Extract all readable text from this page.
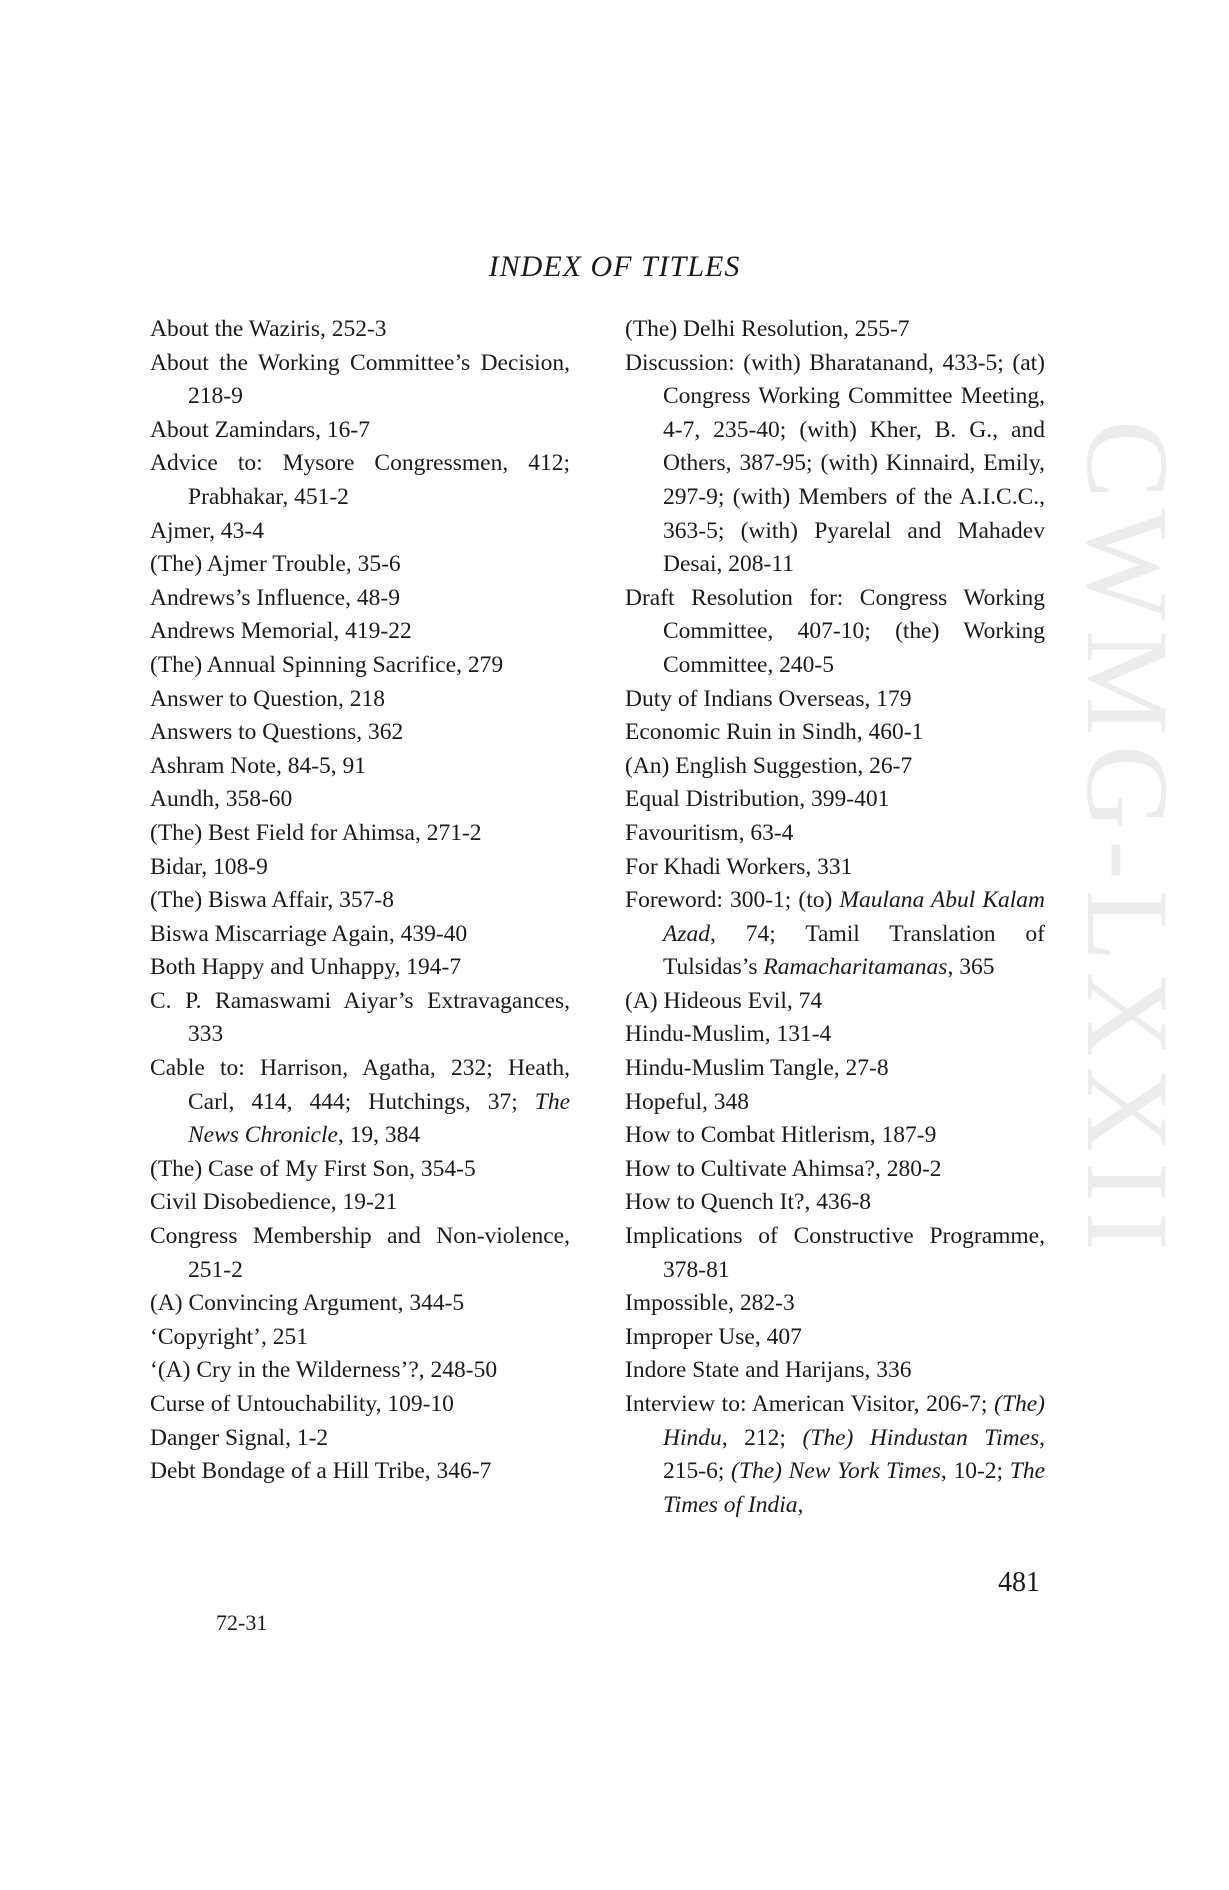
CWMG-LXXII
INDEX OF TITLES

About the Waziris, 252-3

About the Working Committee’s Decision, 218-9

About Zamindars, 16-7

Advice to: Mysore Congressmen, 412; Prabhakar, 451-2

Ajmer, 43-4

(The) Ajmer Trouble, 35-6

Andrews’s Influence, 48-9

Andrews Memorial, 419-22

(The) Annual Spinning Sacrifice, 279

Answer to Question, 218

Answers to Questions, 362

Ashram Note, 84-5, 91

Aundh, 358-60

(The) Best Field for Ahimsa, 271-2

Bidar, 108-9

(The) Biswa Affair, 357-8

Biswa Miscarriage Again, 439-40

Both Happy and Unhappy, 194-7

C. P. Ramaswami Aiyar’s Extravagances, 333

Cable to: Harrison, Agatha, 232; Heath, Carl, 414, 444; Hutchings, 37; The News Chronicle, 19, 384

(The) Case of My First Son, 354-5

Civil Disobedience, 19-21

Congress Membership and Non-violence, 251-2

(A) Convincing Argument, 344-5

‘Copyright’, 251

‘(A) Cry in the Wilderness’?, 248-50

Curse of Untouchability, 109-10

Danger Signal, 1-2

Debt Bondage of a Hill Tribe, 346-7

(The) Delhi Resolution, 255-7

Discussion: (with) Bharatanand, 433-5; (at) Congress Working Committee Meeting, 4-7, 235-40; (with) Kher, B. G., and Others, 387-95; (with) Kinnaird, Emily, 297-9; (with) Members of the A.I.C.C., 363-5; (with) Pyarelal and Mahadev Desai, 208-11

Draft Resolution for: Congress Working Committee, 407-10; (the) Working Committee, 240-5

Duty of Indians Overseas, 179

Economic Ruin in Sindh, 460-1

(An) English Suggestion, 26-7

Equal Distribution, 399-401

Favouritism, 63-4

For Khadi Workers, 331

Foreword: 300-1; (to) Maulana Abul Kalam Azad, 74; Tamil Translation of Tulsidas’s Ramacharitamanas, 365

(A) Hideous Evil, 74

Hindu-Muslim, 131-4

Hindu-Muslim Tangle, 27-8

Hopeful, 348

How to Combat Hitlerism, 187-9

How to Cultivate Ahimsa?, 280-2

How to Quench It?, 436-8

Implications of Constructive Programme, 378-81

Impossible, 282-3

Improper Use, 407

Indore State and Harijans, 336

Interview to: American Visitor, 206-7; (The) Hindu, 212; (The) Hindustan Times, 215-6; (The) New York Times, 10-2; The Times of India,

481
72-31
